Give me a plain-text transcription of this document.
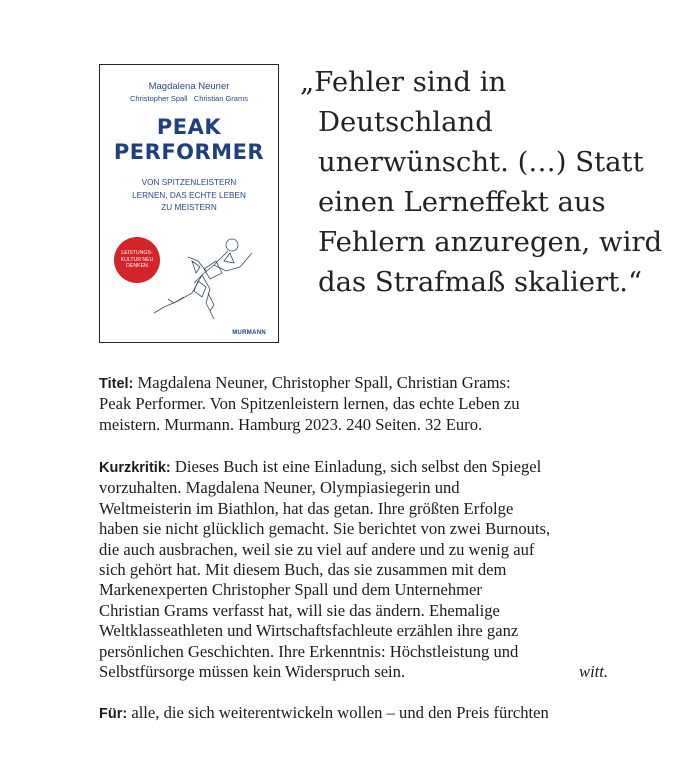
Magdalena Neuner
Christopher Spall   Christian Grams
PEAK
PERFORMER
VON SPITZENLEISTERN
LERNEN, DAS ECHTE LEBEN
ZU MEISTERN
LEISTUNGS-
KULTUR NEU
DENKEN
MURMANN
„Fehler sind in
Deutschland
unerwünscht. (…) Statt
einen Lerneffekt aus
Fehlern anzuregen, wird
das Strafmaß skaliert.“
Titel: Magdalena Neuner, Christopher Spall, Christian Grams:
Peak Performer. Von Spitzenleistern lernen, das echte Leben zu
meistern. Murmann. Hamburg 2023. 240 Seiten. 32 Euro.
Kurzkritik: Dieses Buch ist eine Einladung, sich selbst den Spiegel
vorzuhalten. Magdalena Neuner, Olympiasiegerin und
Weltmeisterin im Biathlon, hat das getan. Ihre größten Erfolge
haben sie nicht glücklich gemacht. Sie berichtet von zwei Burnouts,
die auch ausbrachen, weil sie zu viel auf andere und zu wenig auf
sich gehört hat. Mit diesem Buch, das sie zusammen mit dem
Markenexperten Christopher Spall und dem Unternehmer
Christian Grams verfasst hat, will sie das ändern. Ehemalige
Weltklasseathleten und Wirtschaftsfachleute erzählen ihre ganz
persönlichen Geschichten. Ihre Erkenntnis: Höchstleistung und
Selbstfürsorge müssen kein Widerspruch sein.	witt.
Für: alle, die sich weiterentwickeln wollen – und den Preis fürchten
